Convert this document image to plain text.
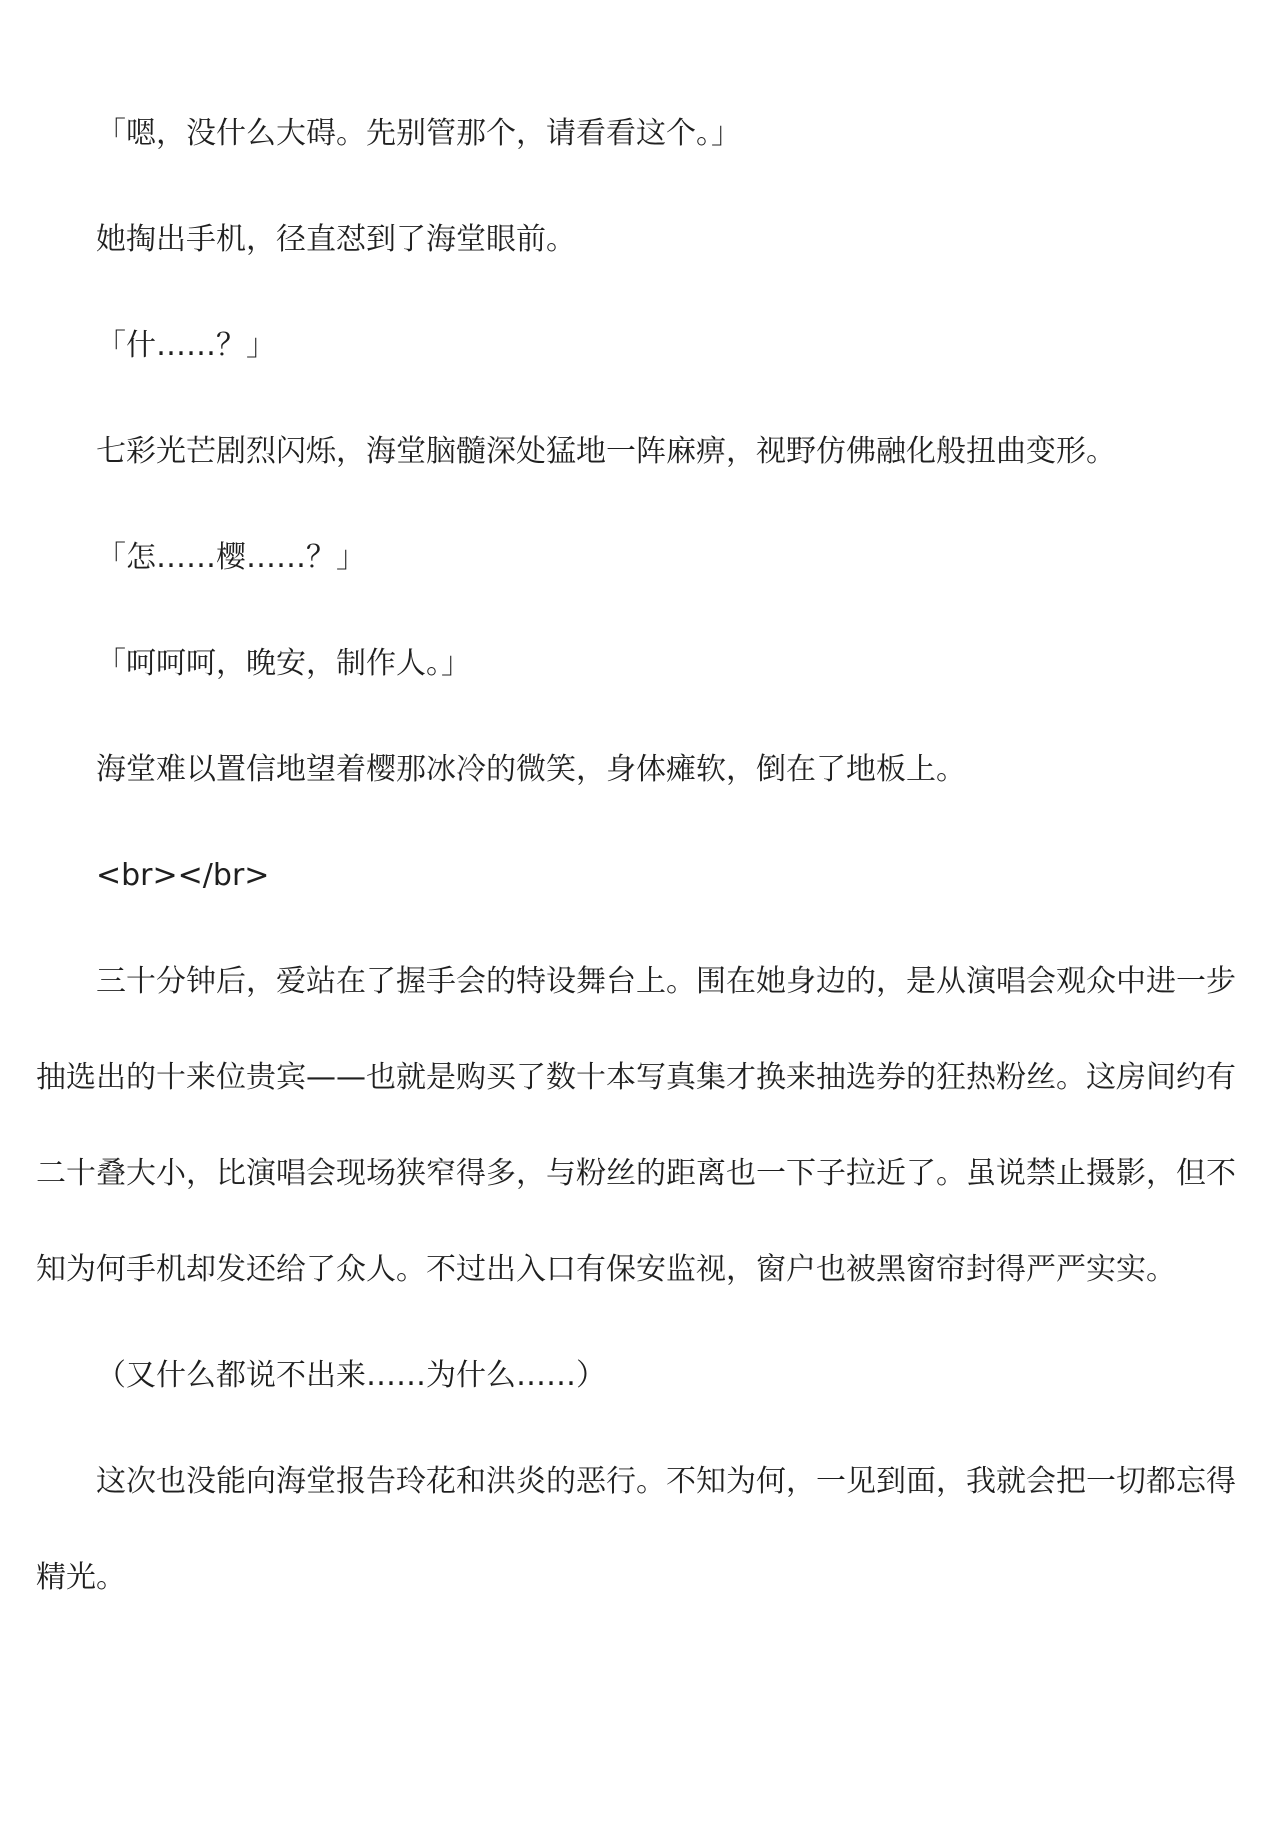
「嗯，没什么大碍。先别管那个，请看看这个。」

她掏出手机，径直怼到了海堂眼前。

「什……？」

七彩光芒剧烈闪烁，海堂脑髓深处猛地一阵麻痹，视野仿佛融化般扭曲变形。

「怎……樱……？」

「呵呵呵，晚安，制作人。」

海堂难以置信地望着樱那冰冷的微笑，身体瘫软，倒在了地板上。

<br></br>

三十分钟后，爱站在了握手会的特设舞台上。围在她身边的，是从演唱会观众中进一步抽选出的十来位贵宾——也就是购买了数十本写真集才换来抽选券的狂热粉丝。这房间约有二十叠大小，比演唱会现场狭窄得多，与粉丝的距离也一下子拉近了。虽说禁止摄影，但不知为何手机却发还给了众人。不过出入口有保安监视，窗户也被黑窗帘封得严严实实。

（又什么都说不出来……为什么……）

这次也没能向海堂报告玲花和洪炎的恶行。不知为何，一见到面，我就会把一切都忘得精光。
